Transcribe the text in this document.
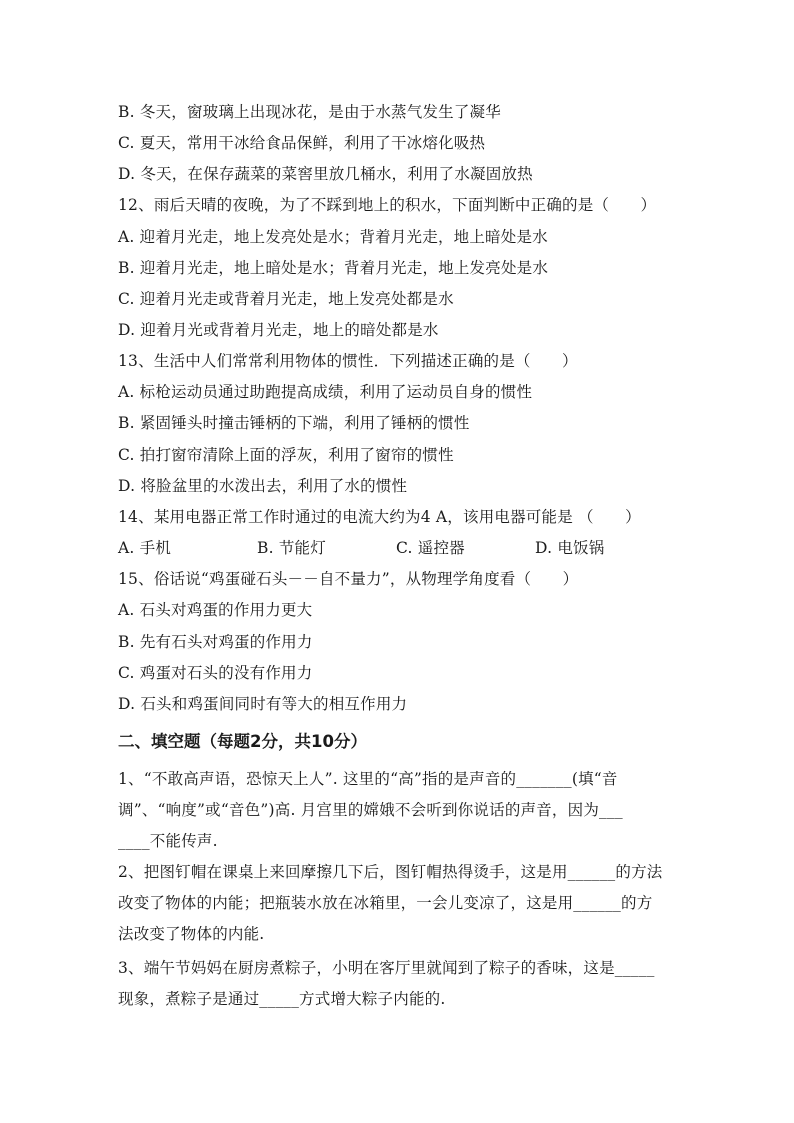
B. 冬天，窗玻璃上出现冰花，是由于水蒸气发生了凝华
C. 夏天，常用干冰给食品保鲜，利用了干冰熔化吸热
D. 冬天，在保存蔬菜的菜窖里放几桶水，利用了水凝固放热
12、雨后天晴的夜晚，为了不踩到地上的积水，下面判断中正确的是（　　）
A. 迎着月光走，地上发亮处是水；背着月光走，地上暗处是水
B. 迎着月光走，地上暗处是水；背着月光走，地上发亮处是水
C. 迎着月光走或背着月光走，地上发亮处都是水
D. 迎着月光或背着月光走，地上的暗处都是水
13、生活中人们常常利用物体的惯性．下列描述正确的是（　　）
A. 标枪运动员通过助跑提高成绩，利用了运动员自身的惯性
B. 紧固锤头时撞击锤柄的下端，利用了锤柄的惯性
C. 拍打窗帘清除上面的浮灰，利用了窗帘的惯性
D. 将脸盆里的水泼出去，利用了水的惯性
14、某用电器正常工作时通过的电流大约为4 A，该用电器可能是 （　　）
A. 手机	B. 节能灯	C. 遥控器	D. 电饭锅
15、俗话说“鸡蛋碰石头－－自不量力”，从物理学角度看（　　）
A. 石头对鸡蛋的作用力更大
B. 先有石头对鸡蛋的作用力
C. 鸡蛋对石头的没有作用力
D. 石头和鸡蛋间同时有等大的相互作用力
二、填空题（每题2分，共10分）
1、“不敢高声语，恐惊天上人”. 这里的“高”指的是声音的_______(填“音
调”、“响度”或“音色”)高. 月宫里的嫦娥不会听到你说话的声音，因为___
____不能传声.
2、把图钉帽在课桌上来回摩擦几下后，图钉帽热得烫手，这是用______的方法
改变了物体的内能；把瓶装水放在冰箱里，一会儿变凉了，这是用______的方
法改变了物体的内能.
3、端午节妈妈在厨房煮粽子，小明在客厅里就闻到了粽子的香味，这是_____
现象，煮粽子是通过_____方式增大粽子内能的.
